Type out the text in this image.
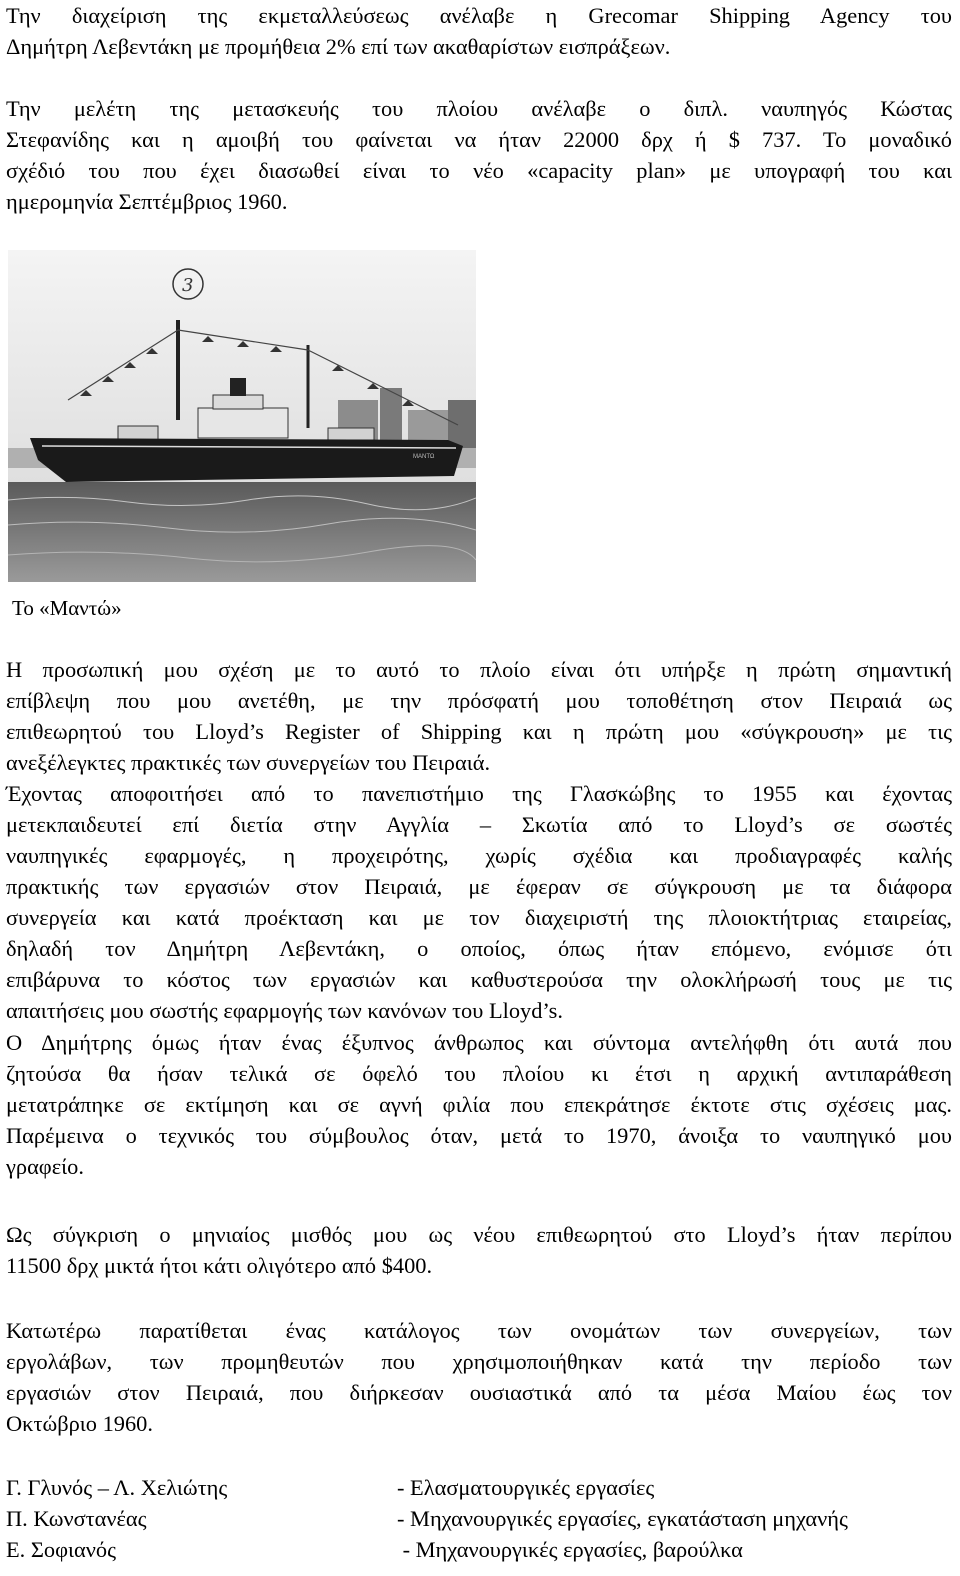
Την διαχείριση της εκμεταλλεύσεως ανέλαβε η Grecomar Shipping Agency του
Δημήτρη Λεβεντάκη με προμήθεια 2% επί των ακαθαρίστων εισπράξεων.
Την μελέτη της μετασκευής του πλοίου ανέλαβε ο διπλ. ναυπηγός Κώστας
Στεφανίδης και η αμοιβή του φαίνεται να ήταν 22000 δρχ ή $ 737. Το μοναδικό
σχέδιό του που έχει διασωθεί είναι το νέο «capacity plan» με υπογραφή του και
ημερομηνία Σεπτέμβριος 1960.
ΜΑΝΤΩ
3
Το «Μαντώ»
Η προσωπική μου σχέση με το αυτό το πλοίο είναι ότι υπήρξε η πρώτη σημαντική
επίβλεψη που μου ανετέθη, με την πρόσφατή μου τοποθέτηση στον Πειραιά ως
επιθεωρητού του Lloyd’s Register of Shipping και η πρώτη μου «σύγκρουση» με τις
ανεξέλεγκτες πρακτικές των συνεργείων του Πειραιά.
Έχοντας αποφοιτήσει από το πανεπιστήμιο της Γλασκώβης το 1955 και έχοντας
μετεκπαιδευτεί επί διετία στην Αγγλία – Σκωτία από το Lloyd’s σε σωστές
ναυπηγικές εφαρμογές, η προχειρότης, χωρίς σχέδια και προδιαγραφές καλής
πρακτικής των εργασιών στον Πειραιά, με έφεραν σε σύγκρουση με τα διάφορα
συνεργεία και κατά προέκταση και με τον διαχειριστή της πλοιοκτήτριας εταιρείας,
δηλαδή τον Δημήτρη Λεβεντάκη, ο οποίος, όπως ήταν επόμενο, ενόμισε ότι
επιβάρυνα το κόστος των εργασιών και καθυστερούσα την ολοκλήρωσή τους με τις
απαιτήσεις μου σωστής εφαρμογής των κανόνων του Lloyd’s.
Ο Δημήτρης όμως ήταν ένας έξυπνος άνθρωπος και σύντομα αντελήφθη ότι αυτά που
ζητούσα θα ήσαν τελικά σε όφελό του πλοίου κι έτσι η αρχική αντιπαράθεση
μετατράπηκε σε εκτίμηση και σε αγνή φιλία που επεκράτησε έκτοτε στις σχέσεις μας.
Παρέμεινα ο τεχνικός του σύμβουλος όταν, μετά το 1970, άνοιξα το ναυπηγικό μου
γραφείο.
Ως σύγκριση ο μηνιαίος μισθός μου ως νέου επιθεωρητού στο Lloyd’s ήταν περίπου
11500 δρχ μικτά ήτοι κάτι ολιγότερο από $400.
Κατωτέρω παρατίθεται ένας κατάλογος των ονομάτων των συνεργείων, των
εργολάβων, των προμηθευτών που χρησιμοποιήθηκαν κατά την περίοδο των
εργασιών στον Πειραιά, που διήρκεσαν ουσιαστικά από τα μέσα Μαίου έως τον
Οκτώβριο 1960.
Γ. Γλυνός – Λ. Χελιώτης	- Ελασματουργικές εργασίες
Π. Κωνστανέας	- Μηχανουργικές εργασίες, εγκατάσταση μηχανής
Ε. Σοφιανός	- Μηχανουργικές εργασίες, βαρούλκα
